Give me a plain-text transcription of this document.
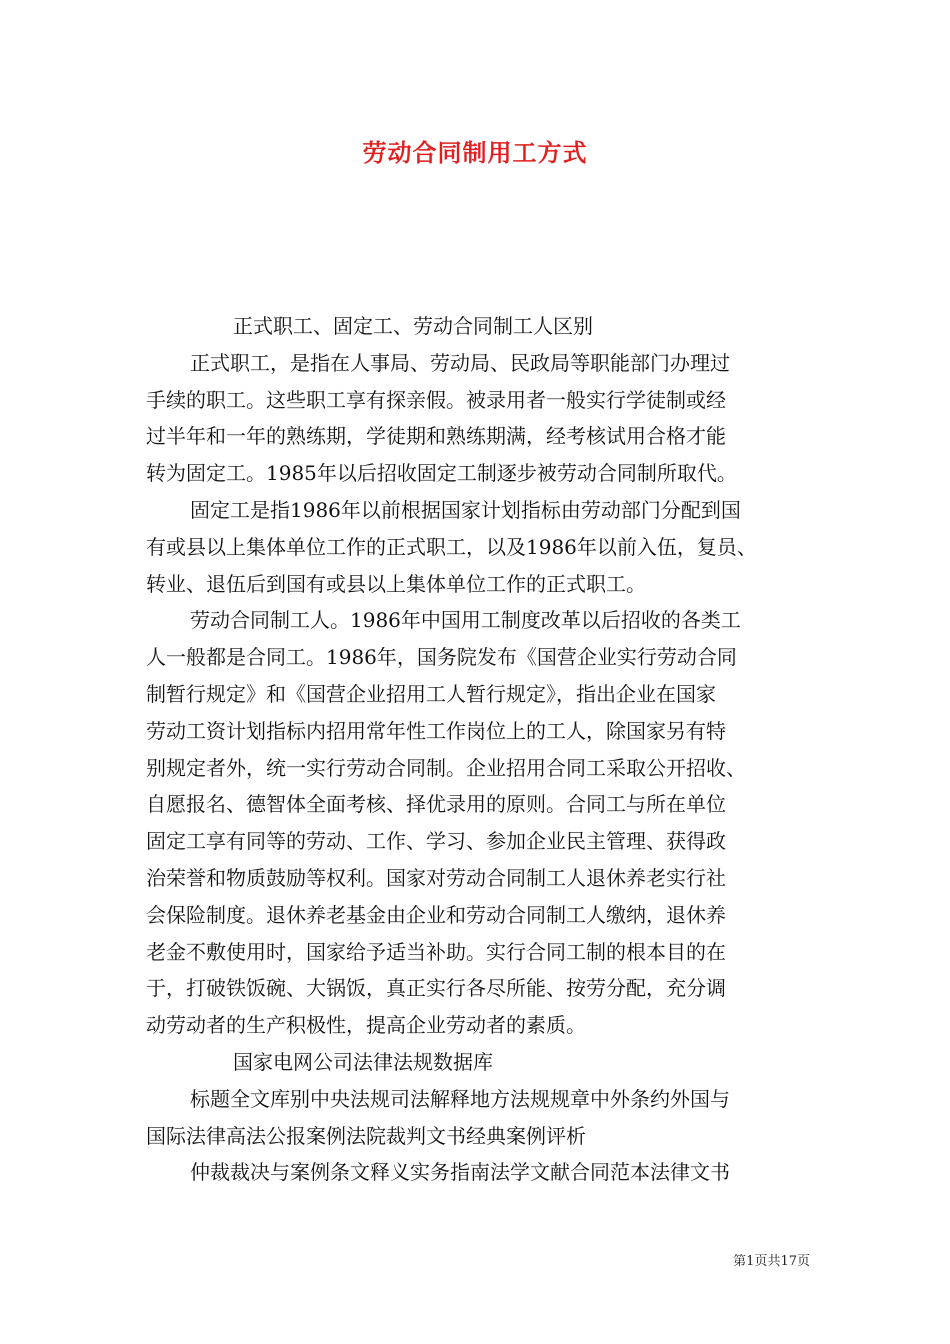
劳动合同制用工方式

正式职工、固定工、劳动合同制工人区别

正式职工，是指在人事局、劳动局、民政局等职能部门办理过

手续的职工。这些职工享有探亲假。被录用者一般实行学徒制或经

过半年和一年的熟练期，学徒期和熟练期满，经考核试用合格才能

转为固定工。1985年以后招收固定工制逐步被劳动合同制所取代。

固定工是指1986年以前根据国家计划指标由劳动部门分配到国

有或县以上集体单位工作的正式职工，以及1986年以前入伍，复员、

转业、退伍后到国有或县以上集体单位工作的正式职工。

劳动合同制工人。1986年中国用工制度改革以后招收的各类工

人一般都是合同工。1986年，国务院发布《国营企业实行劳动合同

制暂行规定》和《国营企业招用工人暂行规定》，指出企业在国家

劳动工资计划指标内招用常年性工作岗位上的工人，除国家另有特

别规定者外，统一实行劳动合同制。企业招用合同工采取公开招收、

自愿报名、德智体全面考核、择优录用的原则。合同工与所在单位

固定工享有同等的劳动、工作、学习、参加企业民主管理、获得政

治荣誉和物质鼓励等权利。国家对劳动合同制工人退休养老实行社

会保险制度。退休养老基金由企业和劳动合同制工人缴纳，退休养

老金不敷使用时，国家给予适当补助。实行合同工制的根本目的在

于，打破铁饭碗、大锅饭，真正实行各尽所能、按劳分配，充分调

动劳动者的生产积极性，提高企业劳动者的素质。

国家电网公司法律法规数据库

标题全文库别中央法规司法解释地方法规规章中外条约外国与

国际法律高法公报案例法院裁判文书经典案例评析

仲裁裁决与案例条文释义实务指南法学文献合同范本法律文书

第1页共17页
